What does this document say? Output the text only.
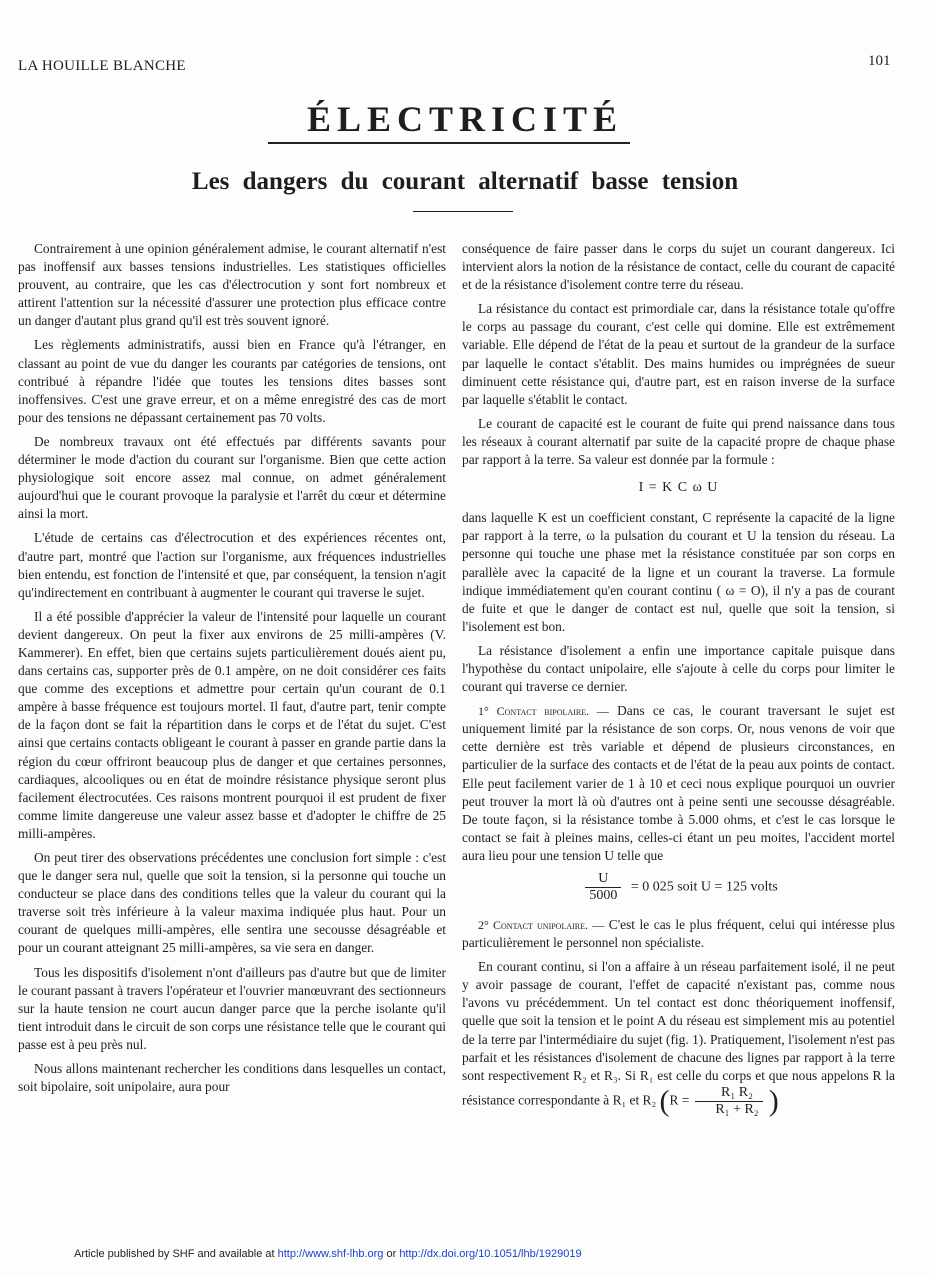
LA HOUILLE BLANCHE	101
ÉLECTRICITÉ
Les dangers du courant alternatif basse tension

Contrairement à une opinion généralement admise, le courant alternatif n'est pas inoffensif aux basses tensions industrielles. Les statistiques officielles prouvent, au contraire, que les cas d'électrocution y sont fort nombreux et attirent l'attention sur la nécessité d'assurer une protection plus efficace contre un danger d'autant plus grand qu'il est très souvent ignoré.

Les règlements administratifs, aussi bien en France qu'à l'étranger, en classant au point de vue du danger les courants par catégories de tensions, ont contribué à répandre l'idée que toutes les tensions dites basses sont inoffensives. C'est une grave erreur, et on a même enregistré des cas de mort pour des tensions ne dépassant certainement pas 70 volts.

De nombreux travaux ont été effectués par différents savants pour déterminer le mode d'action du courant sur l'organisme. Bien que cette action physiologique soit encore assez mal connue, on admet généralement aujourd'hui que le courant provoque la paralysie et l'arrêt du cœur et détermine ainsi la mort.

L'étude de certains cas d'électrocution et des expériences récentes ont, d'autre part, montré que l'action sur l'organisme, aux fréquences industrielles bien entendu, est fonction de l'intensité et que, par conséquent, la tension n'agit qu'indirectement en contribuant à augmenter le courant qui traverse le sujet.

Il a été possible d'apprécier la valeur de l'intensité pour laquelle un courant devient dangereux. On peut la fixer aux environs de 25 milli-ampères (V. Kammerer). En effet, bien que certains sujets particulièrement doués aient pu, dans certains cas, supporter près de 0.1 ampère, on ne doit considérer ces faits que comme des exceptions et admettre pour certain qu'un courant de 0.1 ampère à basse fréquence est toujours mortel. Il faut, d'autre part, tenir compte de la façon dont se fait la répartition dans le corps et de l'état du sujet. C'est ainsi que certains contacts obligeant le courant à passer en grande partie dans la région du cœur offriront beaucoup plus de danger et que certaines personnes, cardiaques, alcooliques ou en état de moindre résistance physique seront plus facilement électrocutées. Ces raisons montrent pourquoi il est prudent de fixer comme limite dangereuse une valeur assez basse et d'adopter le chiffre de 25 milli-ampères.

On peut tirer des observations précédentes une conclusion fort simple : c'est que le danger sera nul, quelle que soit la tension, si la personne qui touche un conducteur se place dans des conditions telles que la valeur du courant qui la traverse soit très inférieure à la valeur maxima indiquée plus haut. Pour un courant de quelques milli-ampères, elle sentira une secousse désagréable et pour un courant atteignant 25 milli-ampères, sa vie sera en danger.

Tous les dispositifs d'isolement n'ont d'ailleurs pas d'autre but que de limiter le courant passant à travers l'opérateur et l'ouvrier manœuvrant des sectionneurs sur la haute tension ne court aucun danger parce que la perche isolante qu'il tient introduit dans le circuit de son corps une résistance telle que le courant qui passe est à peu près nul.

Nous allons maintenant rechercher les conditions dans lesquelles un contact, soit bipolaire, soit unipolaire, aura pour

conséquence de faire passer dans le corps du sujet un courant dangereux. Ici intervient alors la notion de la résistance de contact, celle du courant de capacité et de la résistance d'isolement contre terre du réseau.

La résistance du contact est primordiale car, dans la résistance totale qu'offre le corps au passage du courant, c'est celle qui domine. Elle est extrêmement variable. Elle dépend de l'état de la peau et surtout de la grandeur de la surface par laquelle le contact s'établit. Des mains humides ou imprégnées de sueur diminuent cette résistance qui, d'autre part, est en raison inverse de la surface par laquelle s'établit le contact.

Le courant de capacité est le courant de fuite qui prend naissance dans tous les réseaux à courant alternatif par suite de la capacité propre de chaque phase par rapport à la terre. Sa valeur est donnée par la formule :

I = K C ω U

dans laquelle K est un coefficient constant, C représente la capacité de la ligne par rapport à la terre, ω la pulsation du courant et U la tension du réseau. La personne qui touche une phase met la résistance constituée par son corps en parallèle avec la capacité de la ligne et un courant la traverse. La formule indique immédiatement qu'en courant continu ( ω = O), il n'y a pas de courant de fuite et que le danger de contact est nul, quelle que soit la tension, si l'isolement est bon.

La résistance d'isolement a enfin une importance capitale puisque dans l'hypothèse du contact unipolaire, elle s'ajoute à celle du corps pour limiter le courant qui traverse ce dernier.

1° Contact bipolaire. — Dans ce cas, le courant traversant le sujet est uniquement limité par la résistance de son corps. Or, nous venons de voir que cette dernière est très variable et dépend de plusieurs circonstances, en particulier de la surface des contacts et de l'état de la peau aux points de contact. Elle peut facilement varier de 1 à 10 et ceci nous explique pourquoi un ouvrier peut trouver la mort là où d'autres ont à peine senti une secousse désagréable. De toute façon, si la résistance tombe à 5.000 ohms, et c'est le cas lorsque le contact se fait à pleines mains, celles-ci étant un peu moites, l'accident mortel aura lieu pour une tension U telle que

$\frac{U}{5000} = 0$ 025 soit U = 125 volts

2° Contact unipolaire. — C'est le cas le plus fréquent, celui qui intéresse plus particulièrement le personnel non spécialiste.

En courant continu, si l'on a affaire à un réseau parfaitement isolé, il ne peut y avoir passage de courant, l'effet de capacité n'existant pas, comme nous l'avons vu précédemment. Un tel contact est donc théoriquement inoffensif, quelle que soit la tension et le point A du réseau est simplement mis au potentiel de la terre par l'intermédiaire du sujet (fig. 1). Pratiquement, l'isolement n'est pas parfait et les résistances d'isolement de chacune des lignes par rapport à la terre sont respectivement R₂ et R₃. Si R₁ est celle du corps et que nous appelons R la résistance correspondante à R₁ et R₂ ($R = \frac{\text{R₁ R₂}}{\text{R₁ + R₂}}$ )

Article published by SHF and available at http://www.shf-lhb.org or http://dx.doi.org/10.1051/lhb/1929019
